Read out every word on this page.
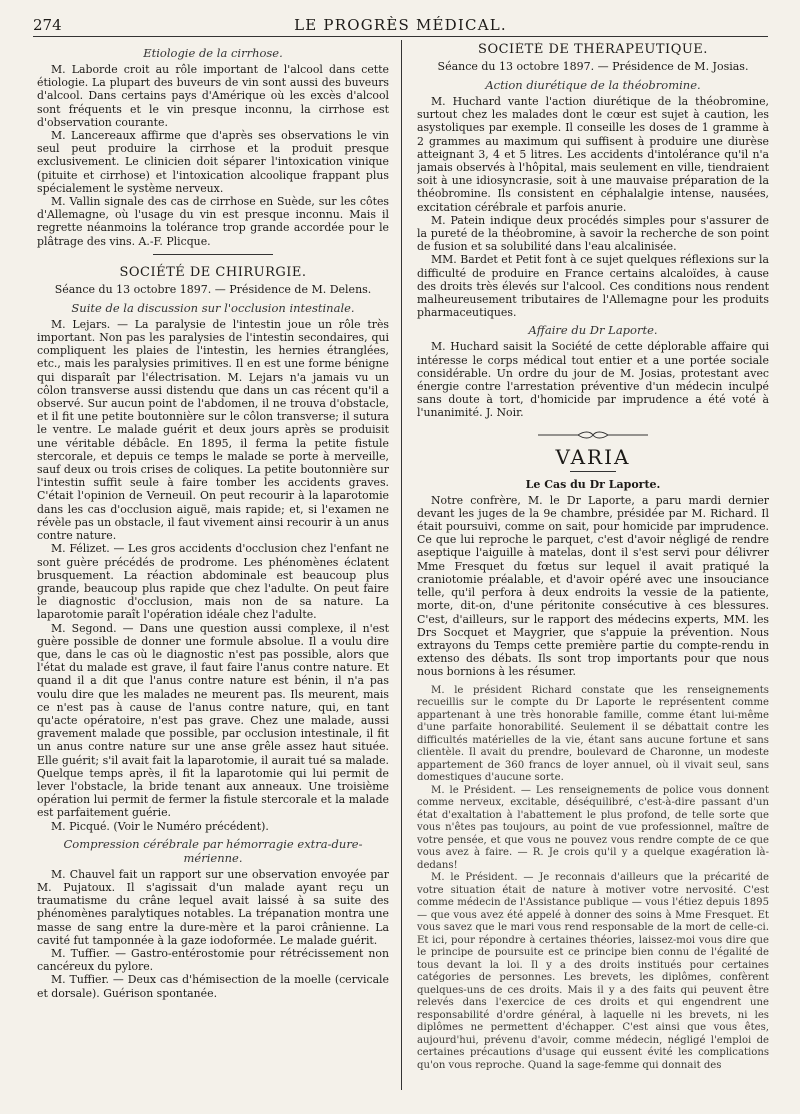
274	LE PROGRÈS MÉDICAL.
Etiologie de la cirrhose.

M. Laborde croit au rôle important de l'alcool dans cette étiologie. La plupart des buveurs de vin sont aussi des buveurs d'alcool. Dans certains pays d'Amérique où les excès d'alcool sont fréquents et le vin presque inconnu, la cirrhose est d'observation courante.

M. Lancereaux affirme que d'après ses observations le vin seul peut produire la cirrhose et la produit presque exclusivement. Le clinicien doit séparer l'intoxication vinique (pituite et cirrhose) et l'intoxication alcoolique frappant plus spécialement le système nerveux.

M. Vallin signale des cas de cirrhose en Suède, sur les côtes d'Allemagne, où l'usage du vin est presque inconnu. Mais il regrette néanmoins la tolérance trop grande accordée pour le plâtrage des vins. A.-F. Plicque.

SOCIÉTÉ DE CHIRURGIE.
Séance du 13 octobre 1897. — Présidence de M. Delens.
Suite de la discussion sur l'occlusion intestinale.

M. Lejars. — La paralysie de l'intestin joue un rôle très important. Non pas les paralysies de l'intestin secondaires, qui compliquent les plaies de l'intestin, les hernies étranglées, etc., mais les paralysies primitives. Il en est une forme bénigne qui disparaît par l'électrisation. M. Lejars n'a jamais vu un côlon transverse aussi distendu que dans un cas récent qu'il a observé. Sur aucun point de l'abdomen, il ne trouva d'obstacle, et il fit une petite boutonnière sur le côlon transverse; il sutura le ventre. Le malade guérit et deux jours après se produisit une véritable débâcle. En 1895, il ferma la petite fistule stercorale, et depuis ce temps le malade se porte à merveille, sauf deux ou trois crises de coliques. La petite boutonnière sur l'intestin suffit seule à faire tomber les accidents graves. C'était l'opinion de Verneuil. On peut recourir à la laparotomie dans les cas d'occlusion aiguë, mais rapide; et, si l'examen ne révèle pas un obstacle, il faut vivement ainsi recourir à un anus contre nature.

M. Félizet. — Les gros accidents d'occlusion chez l'enfant ne sont guère précédés de prodrome. Les phénomènes éclatent brusquement. La réaction abdominale est beaucoup plus grande, beaucoup plus rapide que chez l'adulte. On peut faire le diagnostic d'occlusion, mais non de sa nature. La laparotomie paraît l'opération idéale chez l'adulte.

M. Segond. — Dans une question aussi complexe, il n'est guère possible de donner une formule absolue. Il a voulu dire que, dans le cas où le diagnostic n'est pas possible, alors que l'état du malade est grave, il faut faire l'anus contre nature. Et quand il a dit que l'anus contre nature est bénin, il n'a pas voulu dire que les malades ne meurent pas. Ils meurent, mais ce n'est pas à cause de l'anus contre nature, qui, en tant qu'acte opératoire, n'est pas grave. Chez une malade, aussi gravement malade que possible, par occlusion intestinale, il fit un anus contre nature sur une anse grêle assez haut située. Elle guérit; s'il avait fait la laparotomie, il aurait tué sa malade. Quelque temps après, il fit la laparotomie qui lui permit de lever l'obstacle, la bride tenant aux anneaux. Une troisième opération lui permit de fermer la fistule stercorale et la malade est parfaitement guérie.

M. Picqué. (Voir le Numéro précédent).

Compression cérébrale par hémorragie extra-dure-mérienne.

M. Chauvel fait un rapport sur une observation envoyée par M. Pujatoux. Il s'agissait d'un malade ayant reçu un traumatisme du crâne lequel avait laissé à sa suite des phénomènes paralytiques notables. La trépanation montra une masse de sang entre la dure-mère et la paroi crânienne. La cavité fut tamponnée à la gaze iodoformée. Le malade guérit.

M. Tuffier. — Gastro-entérostomie pour rétrécissement non cancéreux du pylore.

M. Tuffier. — Deux cas d'hémisection de la moelle (cervicale et dorsale). Guérison spontanée.

SOCIÉTÉ DE THÉRAPEUTIQUE.
Séance du 13 octobre 1897. — Présidence de M. Josias.
Action diurétique de la théobromine.

M. Huchard vante l'action diurétique de la théobromine, surtout chez les malades dont le cœur est sujet à caution, les asystoliques par exemple. Il conseille les doses de 1 gramme à 2 grammes au maximum qui suffisent à produire une diurèse atteignant 3, 4 et 5 litres. Les accidents d'intolérance qu'il n'a jamais observés à l'hôpital, mais seulement en ville, tiendraient soit à une idiosyncrasie, soit à une mauvaise préparation de la théobromine. Ils consistent en céphalalgie intense, nausées, excitation cérébrale et parfois anurie.

M. Patein indique deux procédés simples pour s'assurer de la pureté de la théobromine, à savoir la recherche de son point de fusion et sa solubilité dans l'eau alcalinisée.

MM. Bardet et Petit font à ce sujet quelques réflexions sur la difficulté de produire en France certains alcaloïdes, à cause des droits très élevés sur l'alcool. Ces conditions nous rendent malheureusement tributaires de l'Allemagne pour les produits pharmaceutiques.

Affaire du Dr Laporte.

M. Huchard saisit la Société de cette déplorable affaire qui intéresse le corps médical tout entier et a une portée sociale considérable. Un ordre du jour de M. Josias, protestant avec énergie contre l'arrestation préventive d'un médecin inculpé sans doute à tort, d'homicide par imprudence a été voté à l'unanimité. J. Noir.

VARIA
Le Cas du Dr Laporte.

Notre confrère, M. le Dr Laporte, a paru mardi dernier devant les juges de la 9e chambre, présidée par M. Richard. Il était poursuivi, comme on sait, pour homicide par imprudence. Ce que lui reproche le parquet, c'est d'avoir négligé de rendre aseptique l'aiguille à matelas, dont il s'est servi pour délivrer Mme Fresquet du fœtus sur lequel il avait pratiqué la craniotomie préalable, et d'avoir opéré avec une insouciance telle, qu'il perfora à deux endroits la vessie de la patiente, morte, dit-on, d'une péritonite consécutive à ces blessures. C'est, d'ailleurs, sur le rapport des médecins experts, MM. les Drs Socquet et Maygrier, que s'appuie la prévention. Nous extrayons du Temps cette première partie du compte-rendu in extenso des débats. Ils sont trop importants pour que nous nous bornions à les résumer.

M. le président Richard constate que les renseignements recueillis sur le compte du Dr Laporte le représentent comme appartenant à une très honorable famille, comme étant lui-même d'une parfaite honorabilité. Seulement il se débattait contre les difficultés matérielles de la vie, étant sans aucune fortune et sans clientèle. Il avait du prendre, boulevard de Charonne, un modeste appartement de 360 francs de loyer annuel, où il vivait seul, sans domestiques d'aucune sorte.

M. le Président. — Les renseignements de police vous donnent comme nerveux, excitable, déséquilibré, c'est-à-dire passant d'un état d'exaltation à l'abattement le plus profond, de telle sorte que vous n'êtes pas toujours, au point de vue professionnel, maître de votre pensée, et que vous ne pouvez vous rendre compte de ce que vous avez à faire. — R. Je crois qu'il y a quelque exagération là-dedans!

M. le Président. — Je reconnais d'ailleurs que la précarité de votre situation était de nature à motiver votre nervosité. C'est comme médecin de l'Assistance publique — vous l'étiez depuis 1895 — que vous avez été appelé à donner des soins à Mme Fresquet. Et vous savez que le mari vous rend responsable de la mort de celle-ci. Et ici, pour répondre à certaines théories, laissez-moi vous dire que le principe de poursuite est ce principe bien connu de l'égalité de tous devant la loi. Il y a des droits institués pour certaines catégories de personnes. Les brevets, les diplômes, confèrent quelques-uns de ces droits. Mais il y a des faits qui peuvent être relevés dans l'exercice de ces droits et qui engendrent une responsabilité d'ordre général, à laquelle ni les brevets, ni les diplômes ne permettent d'échapper. C'est ainsi que vous êtes, aujourd'hui, prévenu d'avoir, comme médecin, négligé l'emploi de certaines précautions d'usage qui eussent évité les complications qu'on vous reproche. Quand la sage-femme qui donnait des
